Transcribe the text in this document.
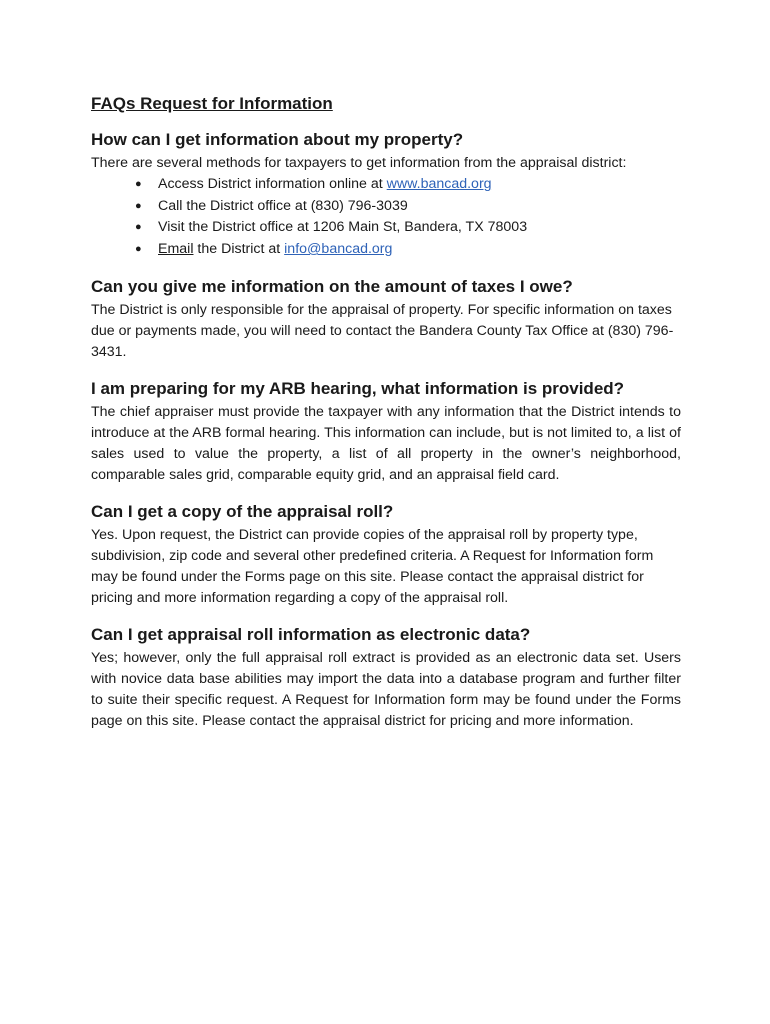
FAQs Request for Information
How can I get information about my property?

There are several methods for taxpayers to get information from the appraisal district:

● Access District information online at www.bancad.org
● Call the District office at (830) 796-3039
● Visit the District office at 1206 Main St, Bandera, TX 78003
● Email the District at info@bancad.org
Can you give me information on the amount of taxes I owe?

The District is only responsible for the appraisal of property. For specific information on taxes due or payments made, you will need to contact the Bandera County Tax Office at (830) 796-3431.

I am preparing for my ARB hearing, what information is provided?

The chief appraiser must provide the taxpayer with any information that the District intends to introduce at the ARB formal hearing. This information can include, but is not limited to, a list of sales used to value the property, a list of all property in the owner’s neighborhood, comparable sales grid, comparable equity grid, and an appraisal field card.

Can I get a copy of the appraisal roll?

Yes. Upon request, the District can provide copies of the appraisal roll by property type, subdivision, zip code and several other predefined criteria. A Request for Information form may be found under the Forms page on this site. Please contact the appraisal district for pricing and more information regarding a copy of the appraisal roll.

Can I get appraisal roll information as electronic data?

Yes; however, only the full appraisal roll extract is provided as an electronic data set. Users with novice data base abilities may import the data into a database program and further filter to suite their specific request. A Request for Information form may be found under the Forms page on this site. Please contact the appraisal district for pricing and more information.
